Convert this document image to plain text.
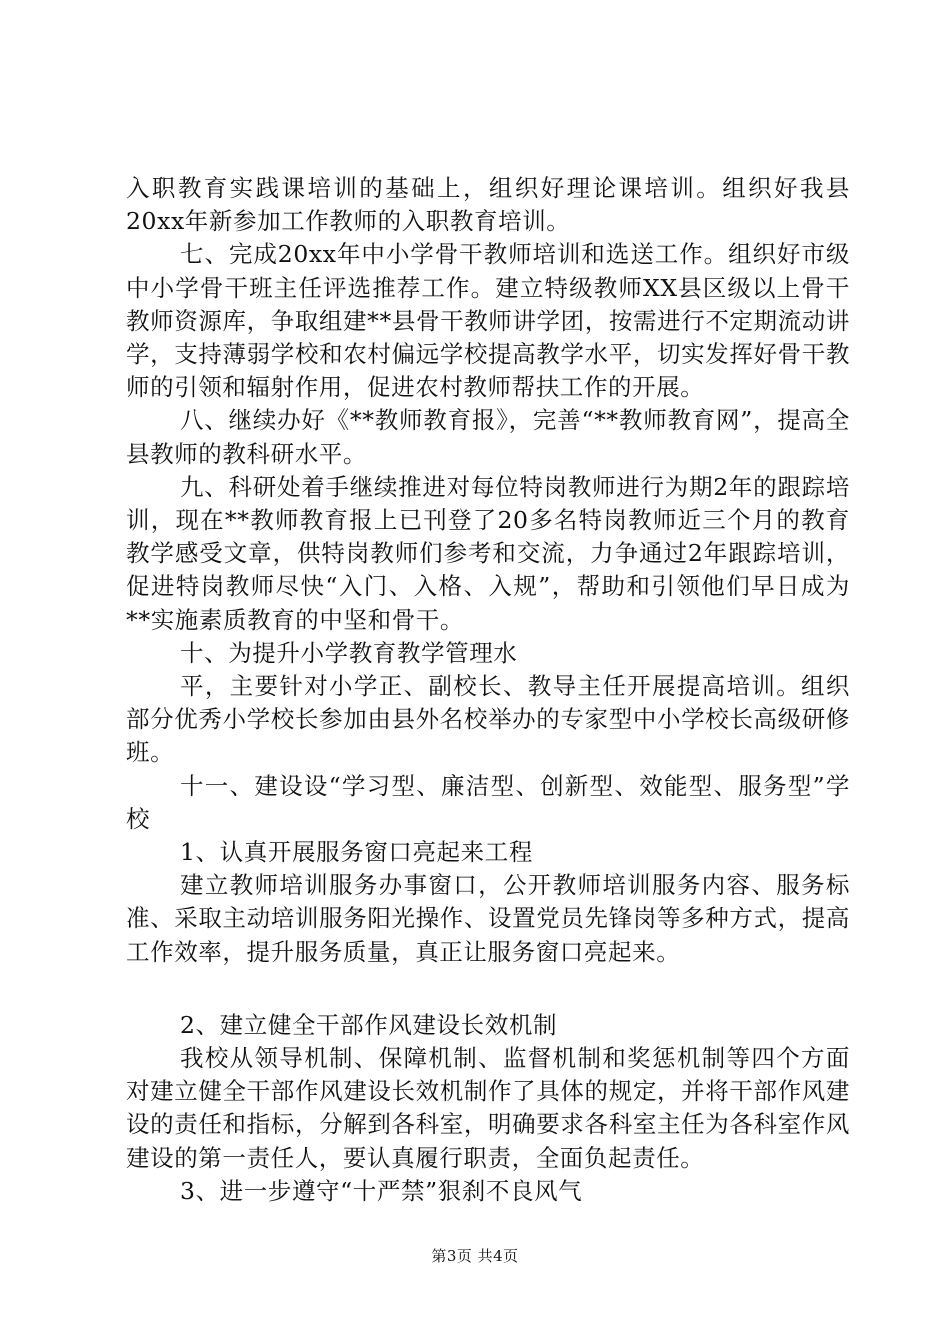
入职教育实践课培训的基础上，组织好理论课培训。组织好我县20xx年新参加工作教师的入职教育培训。

七、完成20xx年中小学骨干教师培训和选送工作。组织好市级中小学骨干班主任评选推荐工作。建立特级教师XX县区级以上骨干教师资源库，争取组建**县骨干教师讲学团，按需进行不定期流动讲学，支持薄弱学校和农村偏远学校提高教学水平，切实发挥好骨干教师的引领和辐射作用，促进农村教师帮扶工作的开展。

八、继续办好《**教师教育报》，完善“**教师教育网”，提高全县教师的教科研水平。

九、科研处着手继续推进对每位特岗教师进行为期2年的跟踪培训，现在**教师教育报上已刊登了20多名特岗教师近三个月的教育教学感受文章，供特岗教师们参考和交流，力争通过2年跟踪培训，促进特岗教师尽快“入门、入格、入规”，帮助和引领他们早日成为**实施素质教育的中坚和骨干。

十、为提升小学教育教学管理水

平，主要针对小学正、副校长、教导主任开展提高培训。组织部分优秀小学校长参加由县外名校举办的专家型中小学校长高级研修班。

十一、建设设“学习型、廉洁型、创新型、效能型、服务型”学校

1、认真开展服务窗口亮起来工程

建立教师培训服务办事窗口，公开教师培训服务内容、服务标准、采取主动培训服务阳光操作、设置党员先锋岗等多种方式，提高工作效率，提升服务质量，真正让服务窗口亮起来。

2、建立健全干部作风建设长效机制

我校从领导机制、保障机制、监督机制和奖惩机制等四个方面对建立健全干部作风建设长效机制作了具体的规定，并将干部作风建设的责任和指标，分解到各科室，明确要求各科室主任为各科室作风建设的第一责任人，要认真履行职责，全面负起责任。

3、进一步遵守“十严禁”狠刹不良风气

第3页 共4页
